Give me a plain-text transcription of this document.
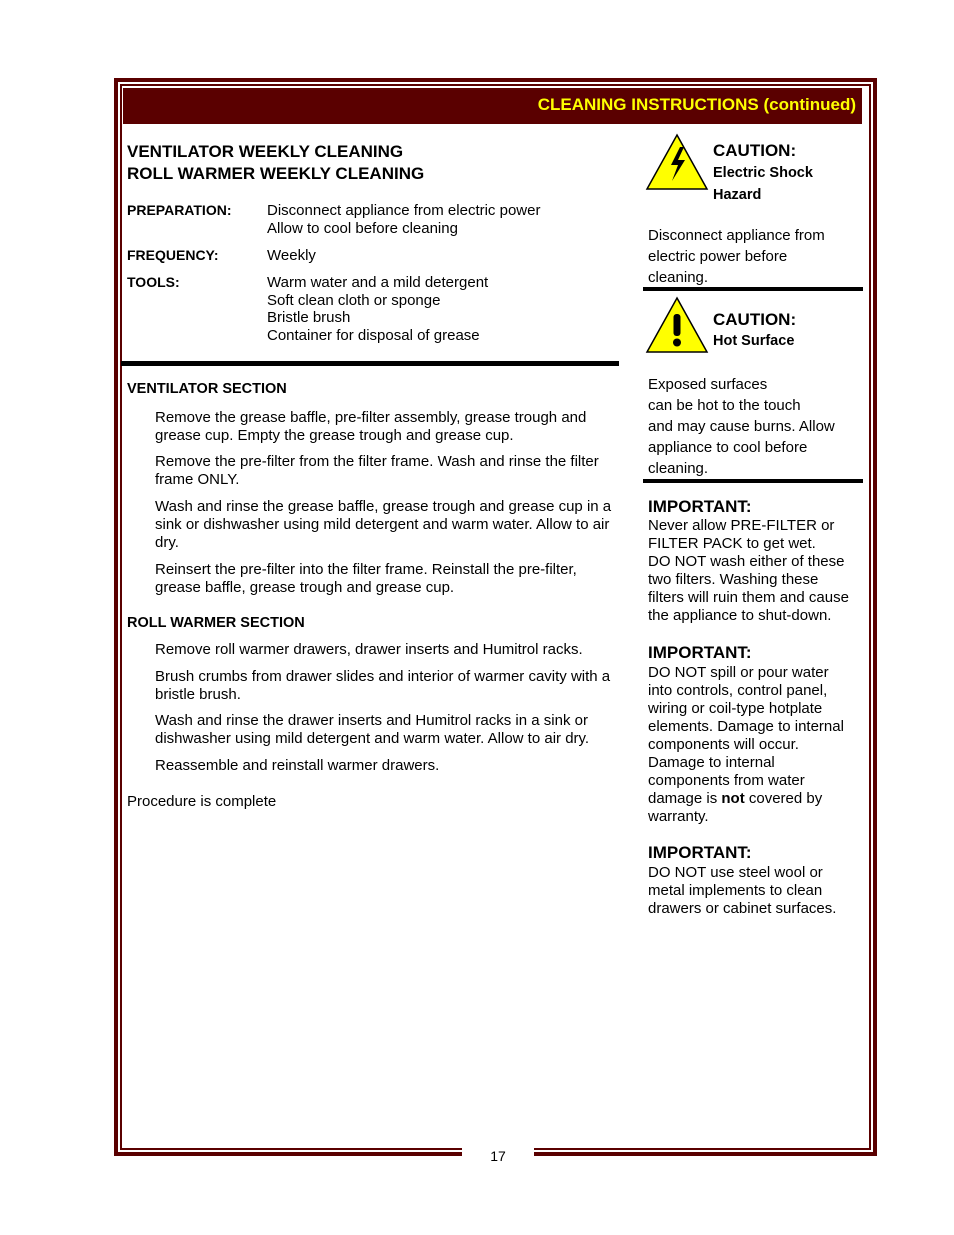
17
CLEANING INSTRUCTIONS (continued)
VENTILATOR WEEKLY CLEANING
ROLL WARMER WEEKLY CLEANING
PREPARATION: Disconnect appliance from electric power
Allow to cool before cleaning
FREQUENCY:	Weekly
TOOLS:	Warm water and a mild detergent
Soft clean cloth or sponge
Bristle brush
Container for disposal of grease
VENTILATOR SECTION
Remove the grease baffle, pre-filter assembly, grease trough and grease cup. Empty the grease trough and grease cup.
Remove the pre-filter from the filter frame. Wash and rinse the filter frame ONLY.
Wash and rinse the grease baffle, grease trough and grease cup in a sink or dishwasher using mild detergent and warm water. Allow to air dry.
Reinsert the pre-filter into the filter frame. Reinstall the pre-filter, grease baffle, grease trough and grease cup.
ROLL WARMER SECTION
Remove roll warmer drawers, drawer inserts and Humitrol racks.
Brush crumbs from drawer slides and interior of warmer cavity with a bristle brush.
Wash and rinse the drawer inserts and Humitrol racks in a sink or dishwasher using mild detergent and warm water. Allow to air dry.
Reassemble and reinstall warmer drawers.
Procedure is complete
CAUTION:
Electric Shock
Hazard
Disconnect appliance from
electric power before
cleaning.
CAUTION:
Hot Surface
Exposed surfaces
can be hot to the touch
and may cause burns. Allow
appliance to cool before
cleaning.
IMPORTANT:
Never allow PRE-FILTER or
FILTER PACK to get wet.
DO NOT wash either of these
two filters. Washing these
filters will ruin them and cause
the appliance to shut-down.
IMPORTANT:
DO NOT spill or pour water
into controls, control panel,
wiring or coil-type hotplate
elements. Damage to internal
components will occur.
Damage to internal
components from water
damage is not covered by
warranty.
IMPORTANT:
DO NOT use steel wool or
metal implements to clean
drawers or cabinet surfaces.
